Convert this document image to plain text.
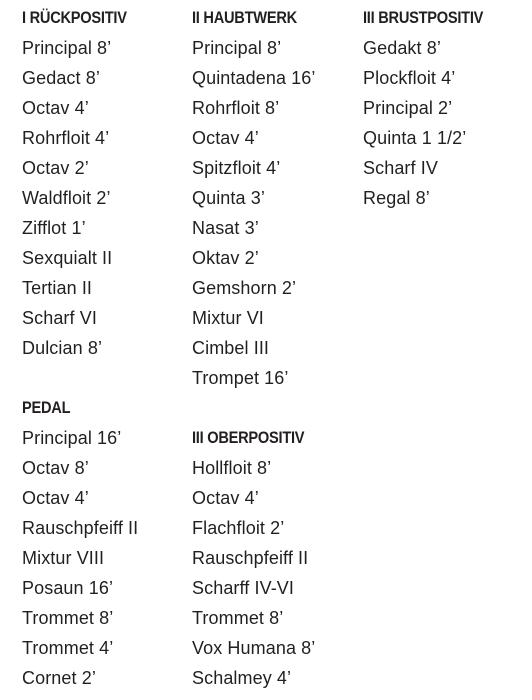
I RÜCKPOSITIV
Principal 8’
Gedact 8’
Octav 4’
Rohrfloit 4’
Octav 2’
Waldfloit 2’
Zifflot 1’
Sexquialt II
Tertian II
Scharf VI
Dulcian 8’
II HAUBTWERK
Principal 8’
Quintadena 16’
Rohrfloit 8’
Octav 4’
Spitzfloit 4’
Quinta 3’
Nasat 3’
Oktav 2’
Gemshorn 2’
Mixtur VI
Cimbel III
Trompet 16’
III BRUSTPOSITIV
Gedakt 8’
Plockfloit 4’
Principal 2’
Quinta 1 1/2’
Scharf IV
Regal 8’
PEDAL
Principal 16’
Octav 8’
Octav 4’
Rauschpfeiff II
Mixtur VIII
Posaun 16’
Trommet 8’
Trommet 4’
Cornet 2’
III OBERPOSITIV
Hollfloit 8’
Octav 4’
Flachfloit 2’
Rauschpfeiff II
Scharff IV-VI
Trommet 8’
Vox Humana 8’
Schalmey 4’
